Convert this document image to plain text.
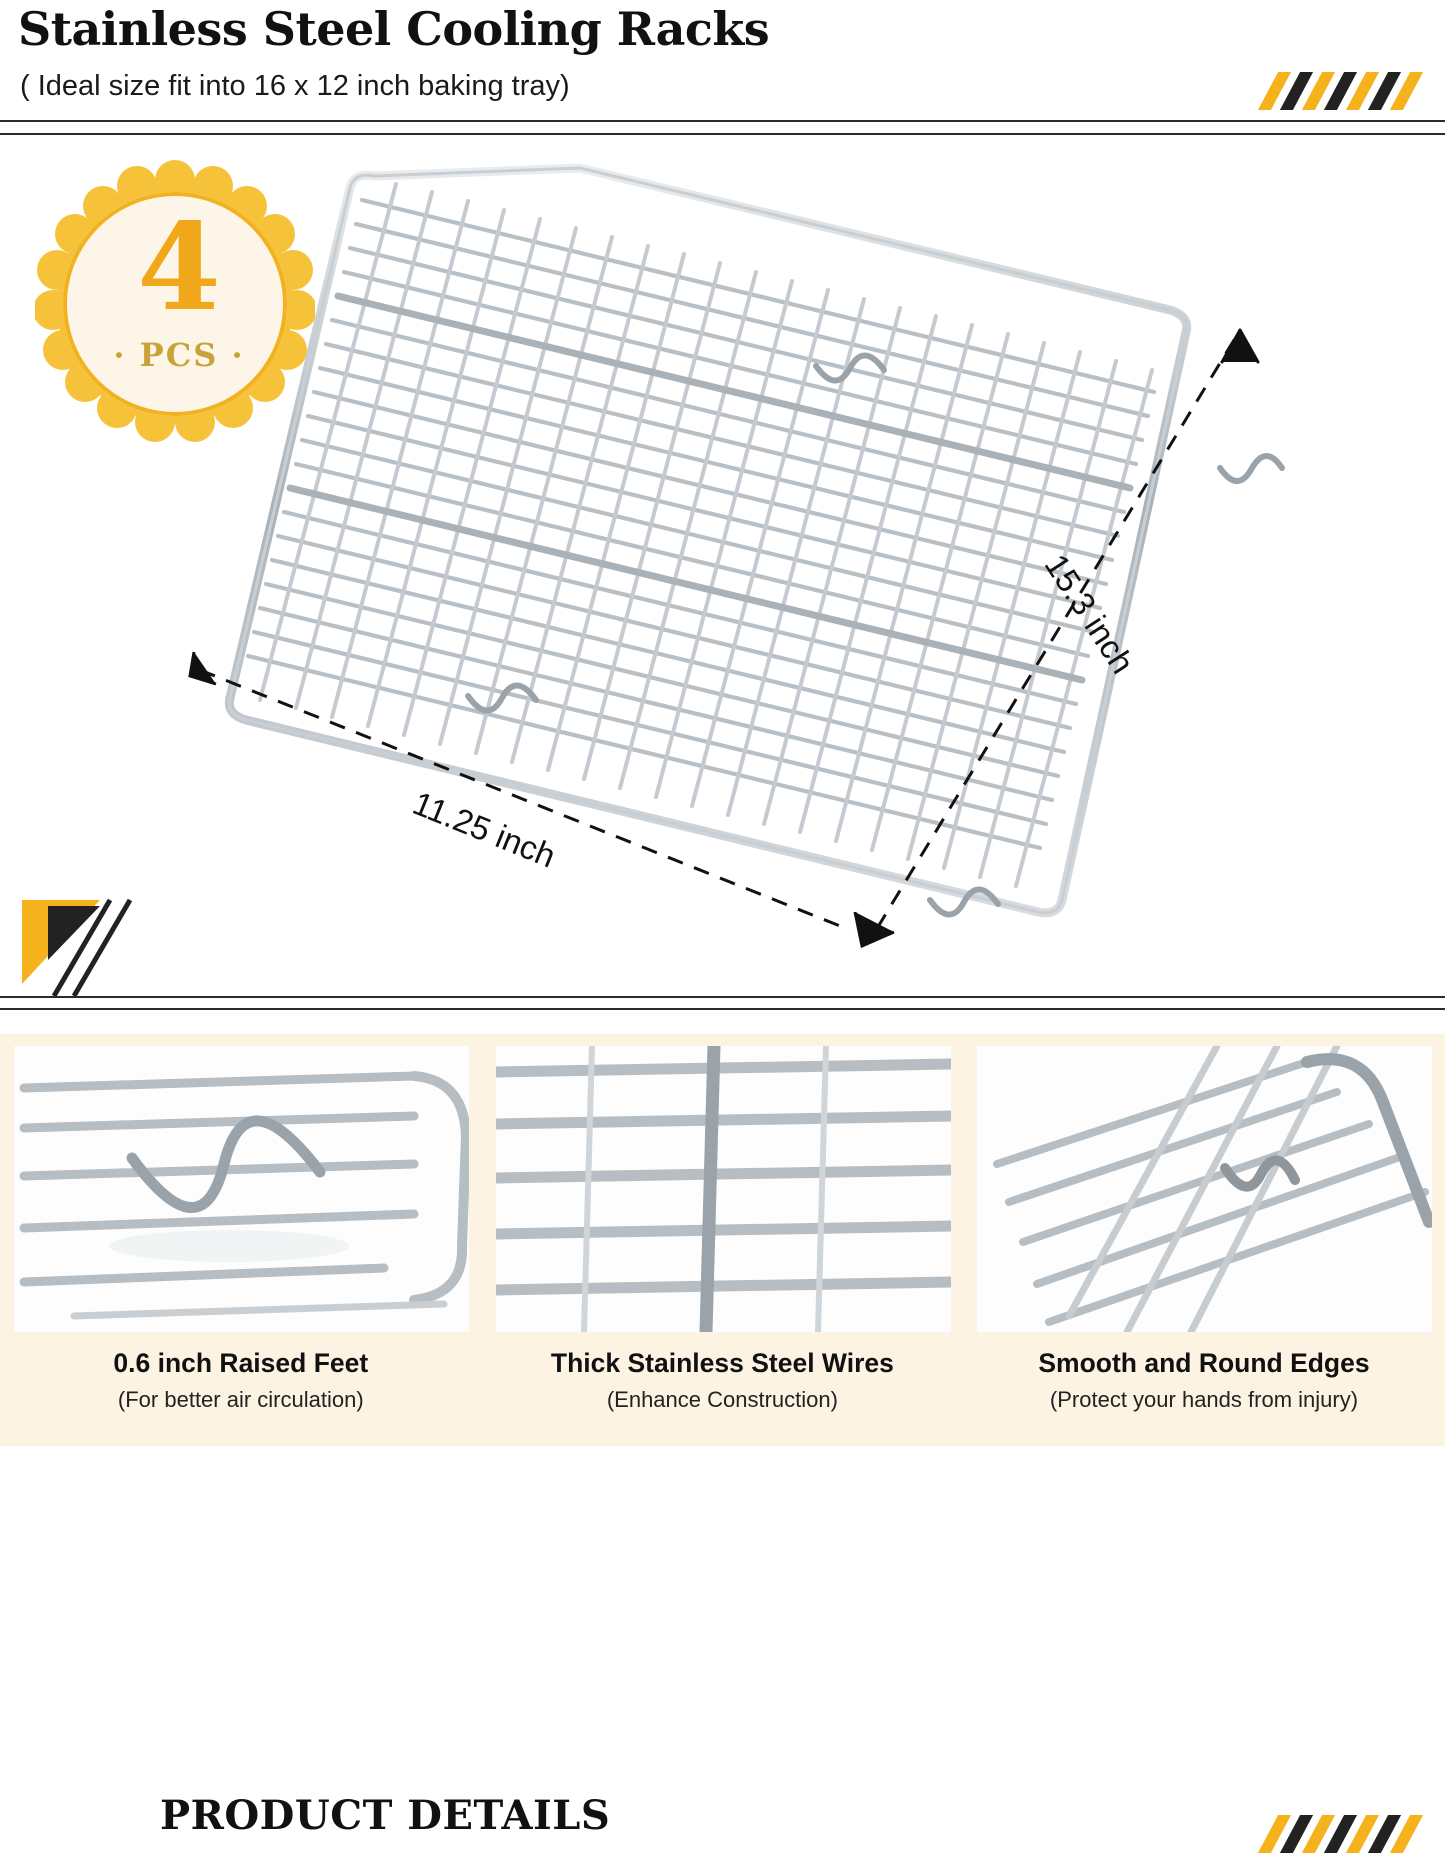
Stainless Steel Cooling Racks
( Ideal size fit into 16 x 12 inch baking tray)
4
· PCS ·
15.3 inch
11.25 inch
PRODUCT DETAILS
0.6 inch Raised Feet
(For better air circulation)
Thick Stainless Steel Wires
(Enhance Construction)
Smooth and Round Edges
(Protect your hands from injury)
